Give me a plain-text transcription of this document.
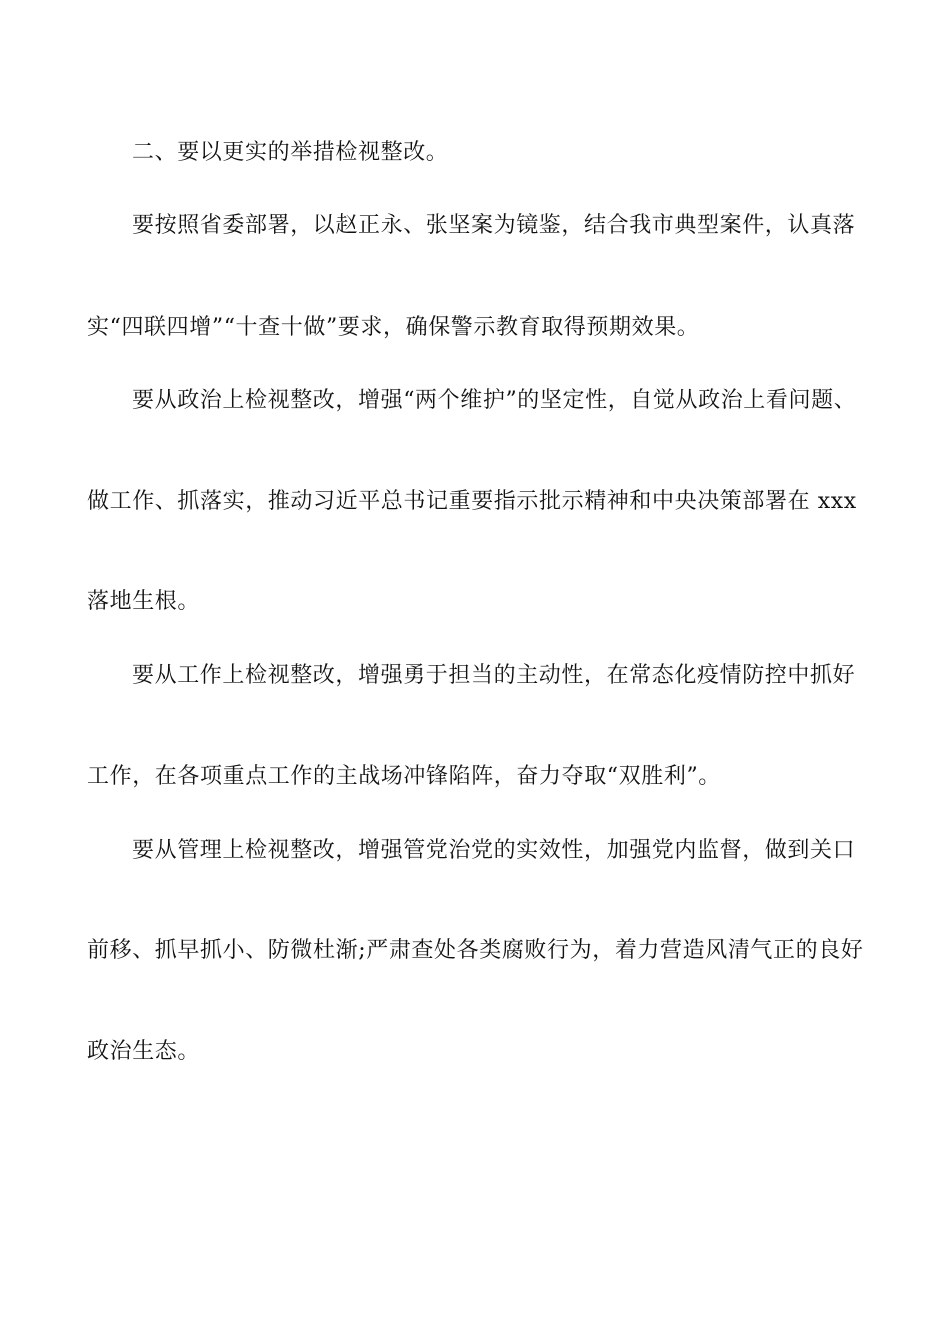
二、要以更实的举措检视整改。
要按照省委部署，以赵正永、张坚案为镜鉴，结合我市典型案件，认真落
实“四联四增”“十查十做”要求，确保警示教育取得预期效果。
要从政治上检视整改，增强“两个维护”的坚定性，自觉从政治上看问题、
做工作、抓落实，推动习近平总书记重要指示批示精神和中央决策部署在 xxx
落地生根。
要从工作上检视整改，增强勇于担当的主动性，在常态化疫情防控中抓好
工作，在各项重点工作的主战场冲锋陷阵，奋力夺取“双胜利”。
要从管理上检视整改，增强管党治党的实效性，加强党内监督，做到关口
前移、抓早抓小、防微杜渐;严肃查处各类腐败行为，着力营造风清气正的良好
政治生态。
